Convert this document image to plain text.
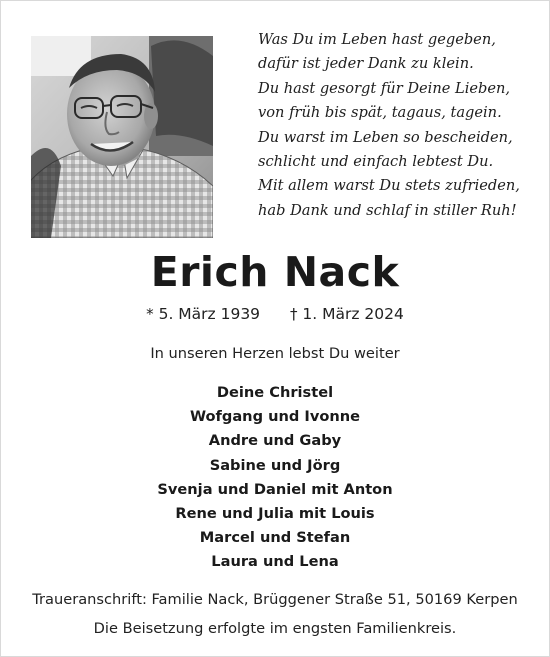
Was Du im Leben hast gegeben,
dafür ist jeder Dank zu klein.

Du hast gesorgt für Deine Lieben,
von früh bis spät, tagaus, tagein.

Du warst im Leben so bescheiden,
schlicht und einfach lebtest Du.

Mit allem warst Du stets zufrieden,
hab Dank und schlaf in stiller Ruh!

Erich Nack
* 5. März 1939 † 1. März 2024
In unseren Herzen lebst Du weiter
Deine Christel
Wofgang und Ivonne
Andre und Gaby
Sabine und Jörg
Svenja und Daniel mit Anton
Rene und Julia mit Louis
Marcel und Stefan
Laura und Lena
Traueranschrift: Familie Nack, Brüggener Straße 51, 50169 Kerpen
Die Beisetzung erfolgte im engsten Familienkreis.
